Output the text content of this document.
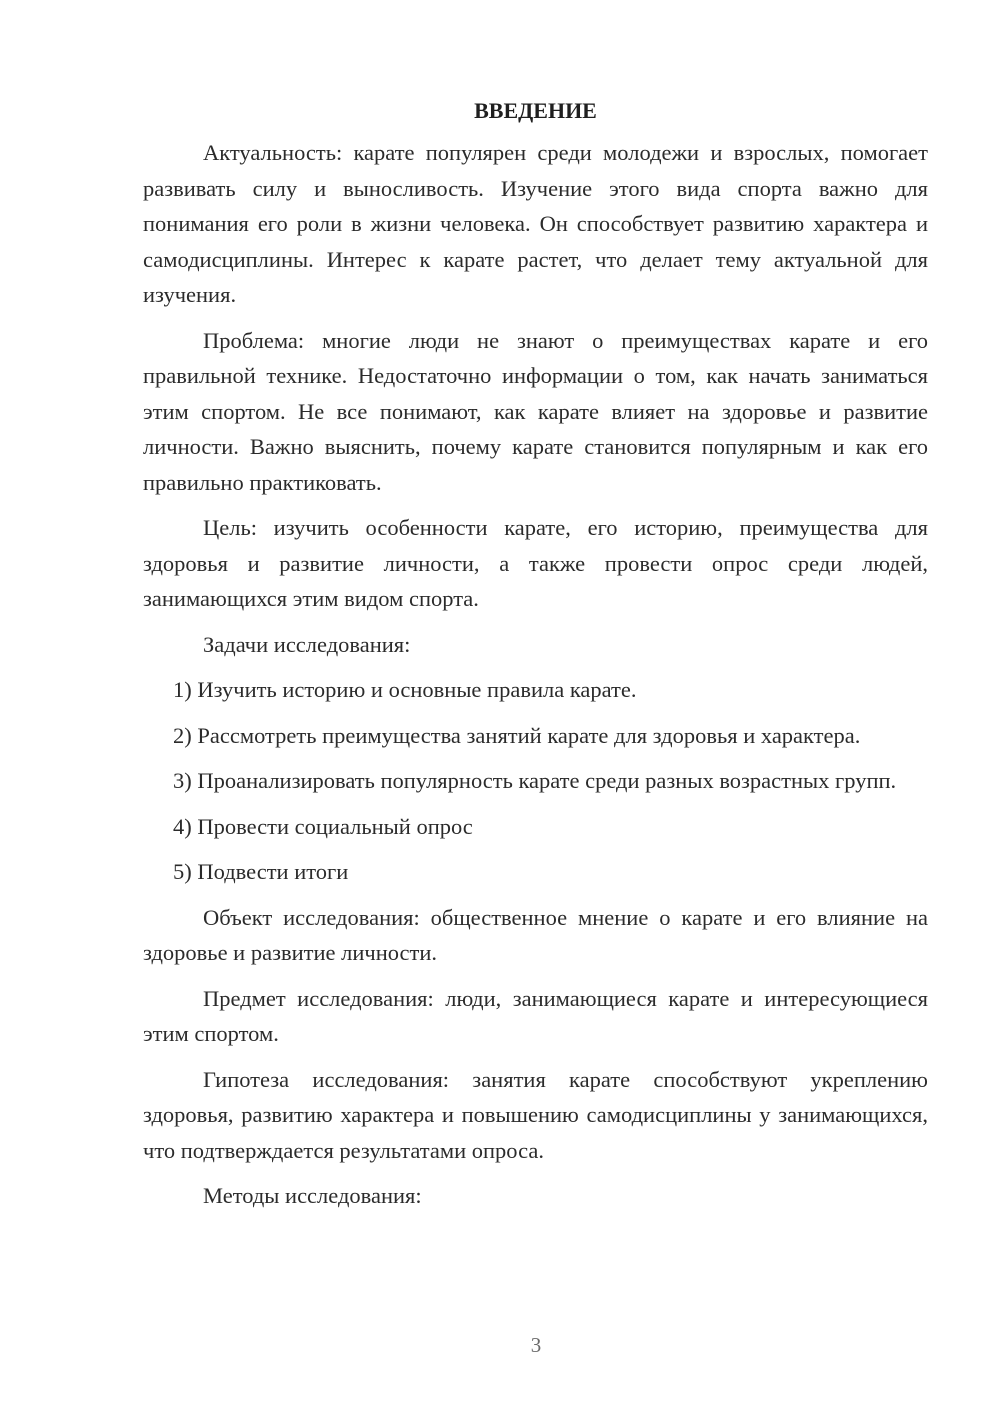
ВВЕДЕНИЕ

Актуальность: карате популярен среди молодежи и взрослых, помогает развивать силу и выносливость. Изучение этого вида спорта важно для понимания его роли в жизни человека. Он способствует развитию характера и самодисциплины. Интерес к карате растет, что делает тему актуальной для изучения.

Проблема: многие люди не знают о преимуществах карате и его правильной технике. Недостаточно информации о том, как начать заниматься этим спортом. Не все понимают, как карате влияет на здоровье и развитие личности. Важно выяснить, почему карате становится популярным и как его правильно практиковать.

Цель: изучить особенности карате, его историю, преимущества для здоровья и развитие личности, а также провести опрос среди людей, занимающихся этим видом спорта.

Задачи исследования:

1) Изучить историю и основные правила карате.

2) Рассмотреть преимущества занятий карате для здоровья и характера.

3) Проанализировать популярность карате среди разных возрастных групп.

4) Провести социальный опрос

5) Подвести итоги

Объект исследования: общественное мнение о карате и его влияние на здоровье и развитие личности.

Предмет исследования: люди, занимающиеся карате и интересующиеся этим спортом.

Гипотеза исследования: занятия карате способствуют укреплению здоровья, развитию характера и повышению самодисциплины у занимающихся, что подтверждается результатами опроса.

Методы исследования:

3
